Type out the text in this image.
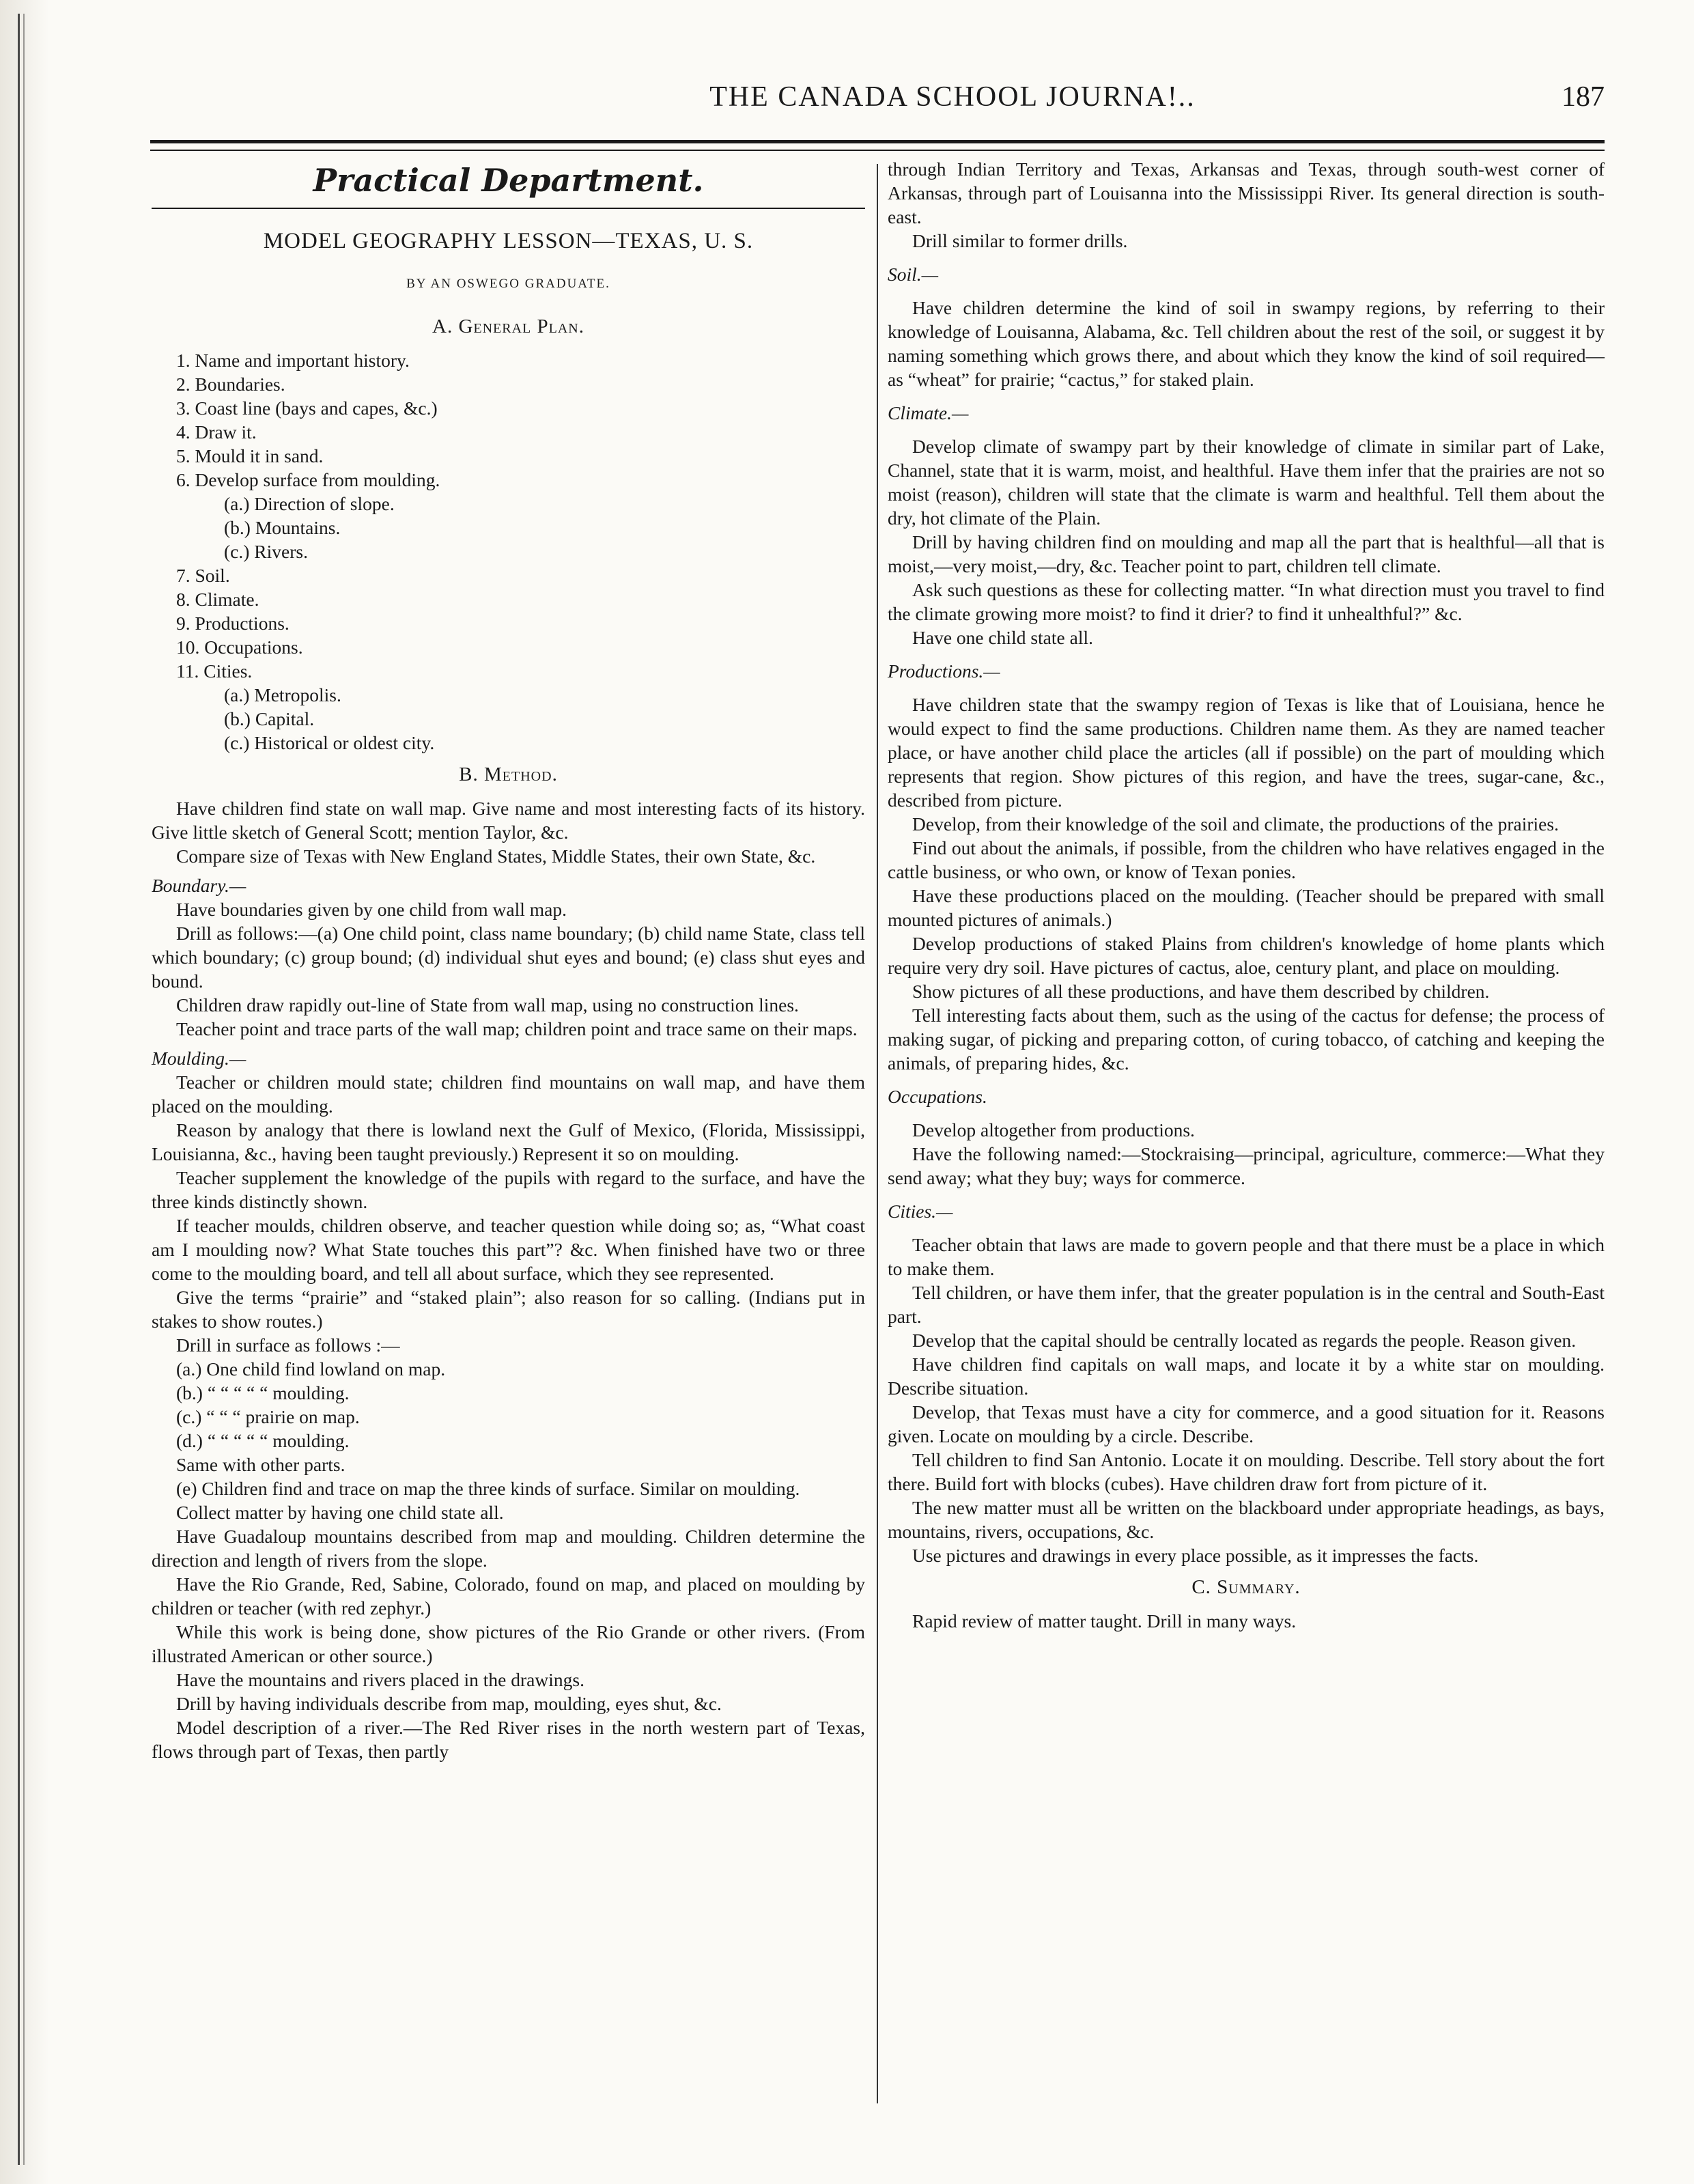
THE CANADA SCHOOL JOURNA!..	187
Practical Department.
MODEL GEOGRAPHY LESSON—TEXAS, U. S.
BY AN OSWEGO GRADUATE.
A. General Plan.
1. Name and important history.
2. Boundaries.
3. Coast line (bays and capes, &c.)
4. Draw it.
5. Mould it in sand.
6. Develop surface from moulding.
(a.) Direction of slope.
(b.) Mountains.
(c.) Rivers.
7. Soil.
8. Climate.
9. Productions.
10. Occupations.
11. Cities.
(a.) Metropolis.
(b.) Capital.
(c.) Historical or oldest city.
B. Method.

Have children find state on wall map. Give name and most interesting facts of its history. Give little sketch of General Scott; mention Taylor, &c.

Compare size of Texas with New England States, Middle States, their own State, &c.

Boundary.—

Have boundaries given by one child from wall map.

Drill as follows:—(a) One child point, class name boundary; (b) child name State, class tell which boundary; (c) group bound; (d) individual shut eyes and bound; (e) class shut eyes and bound.

Children draw rapidly out-line of State from wall map, using no construction lines.

Teacher point and trace parts of the wall map; children point and trace same on their maps.

Moulding.—

Teacher or children mould state; children find mountains on wall map, and have them placed on the moulding.

Reason by analogy that there is lowland next the Gulf of Mexico, (Florida, Mississippi, Louisianna, &c., having been taught previously.) Represent it so on moulding.

Teacher supplement the knowledge of the pupils with regard to the surface, and have the three kinds distinctly shown.

If teacher moulds, children observe, and teacher question while doing so; as, “What coast am I moulding now? What State touches this part”? &c. When finished have two or three come to the moulding board, and tell all about surface, which they see represented.

Give the terms “prairie” and “staked plain”; also reason for so calling. (Indians put in stakes to show routes.)

Drill in surface as follows :—

(a.) One child find lowland on map.
(b.) “ “ “ “ “ moulding.
(c.) “ “ “ prairie on map.
(d.) “ “ “ “ “ moulding.
Same with other parts.

(e) Children find and trace on map the three kinds of surface. Similar on moulding.

Collect matter by having one child state all.

Have Guadaloup mountains described from map and moulding. Children determine the direction and length of rivers from the slope.

Have the Rio Grande, Red, Sabine, Colorado, found on map, and placed on moulding by children or teacher (with red zephyr.)

While this work is being done, show pictures of the Rio Grande or other rivers. (From illustrated American or other source.)

Have the mountains and rivers placed in the drawings.

Drill by having individuals describe from map, moulding, eyes shut, &c.

Model description of a river.—The Red River rises in the north western part of Texas, flows through part of Texas, then partly

through Indian Territory and Texas, Arkansas and Texas, through south-west corner of Arkansas, through part of Louisanna into the Mississippi River. Its general direction is south-east.

Drill similar to former drills.

Soil.—

Have children determine the kind of soil in swampy regions, by referring to their knowledge of Louisanna, Alabama, &c. Tell children about the rest of the soil, or suggest it by naming something which grows there, and about which they know the kind of soil required—as “wheat” for prairie; “cactus,” for staked plain.

Climate.—

Develop climate of swampy part by their knowledge of climate in similar part of Lake, Channel, state that it is warm, moist, and healthful. Have them infer that the prairies are not so moist (reason), children will state that the climate is warm and healthful. Tell them about the dry, hot climate of the Plain.

Drill by having children find on moulding and map all the part that is healthful—all that is moist,—very moist,—dry, &c. Teacher point to part, children tell climate.

Ask such questions as these for collecting matter. “In what direction must you travel to find the climate growing more moist? to find it drier? to find it unhealthful?” &c.

Have one child state all.

Productions.—

Have children state that the swampy region of Texas is like that of Louisiana, hence he would expect to find the same productions. Children name them. As they are named teacher place, or have another child place the articles (all if possible) on the part of moulding which represents that region. Show pictures of this region, and have the trees, sugar-cane, &c., described from picture.

Develop, from their knowledge of the soil and climate, the productions of the prairies.

Find out about the animals, if possible, from the children who have relatives engaged in the cattle business, or who own, or know of Texan ponies.

Have these productions placed on the moulding. (Teacher should be prepared with small mounted pictures of animals.)

Develop productions of staked Plains from children's knowledge of home plants which require very dry soil. Have pictures of cactus, aloe, century plant, and place on moulding.

Show pictures of all these productions, and have them described by children.

Tell interesting facts about them, such as the using of the cactus for defense; the process of making sugar, of picking and preparing cotton, of curing tobacco, of catching and keeping the animals, of preparing hides, &c.

Occupations.

Develop altogether from productions.

Have the following named:—Stockraising—principal, agriculture, commerce:—What they send away; what they buy; ways for commerce.

Cities.—

Teacher obtain that laws are made to govern people and that there must be a place in which to make them.

Tell children, or have them infer, that the greater population is in the central and South-East part.

Develop that the capital should be centrally located as regards the people. Reason given.

Have children find capitals on wall maps, and locate it by a white star on moulding. Describe situation.

Develop, that Texas must have a city for commerce, and a good situation for it. Reasons given. Locate on moulding by a circle. Describe.

Tell children to find San Antonio. Locate it on moulding. Describe. Tell story about the fort there. Build fort with blocks (cubes). Have children draw fort from picture of it.

The new matter must all be written on the blackboard under appropriate headings, as bays, mountains, rivers, occupations, &c.

Use pictures and drawings in every place possible, as it impresses the facts.

C. Summary.

Rapid review of matter taught. Drill in many ways.
